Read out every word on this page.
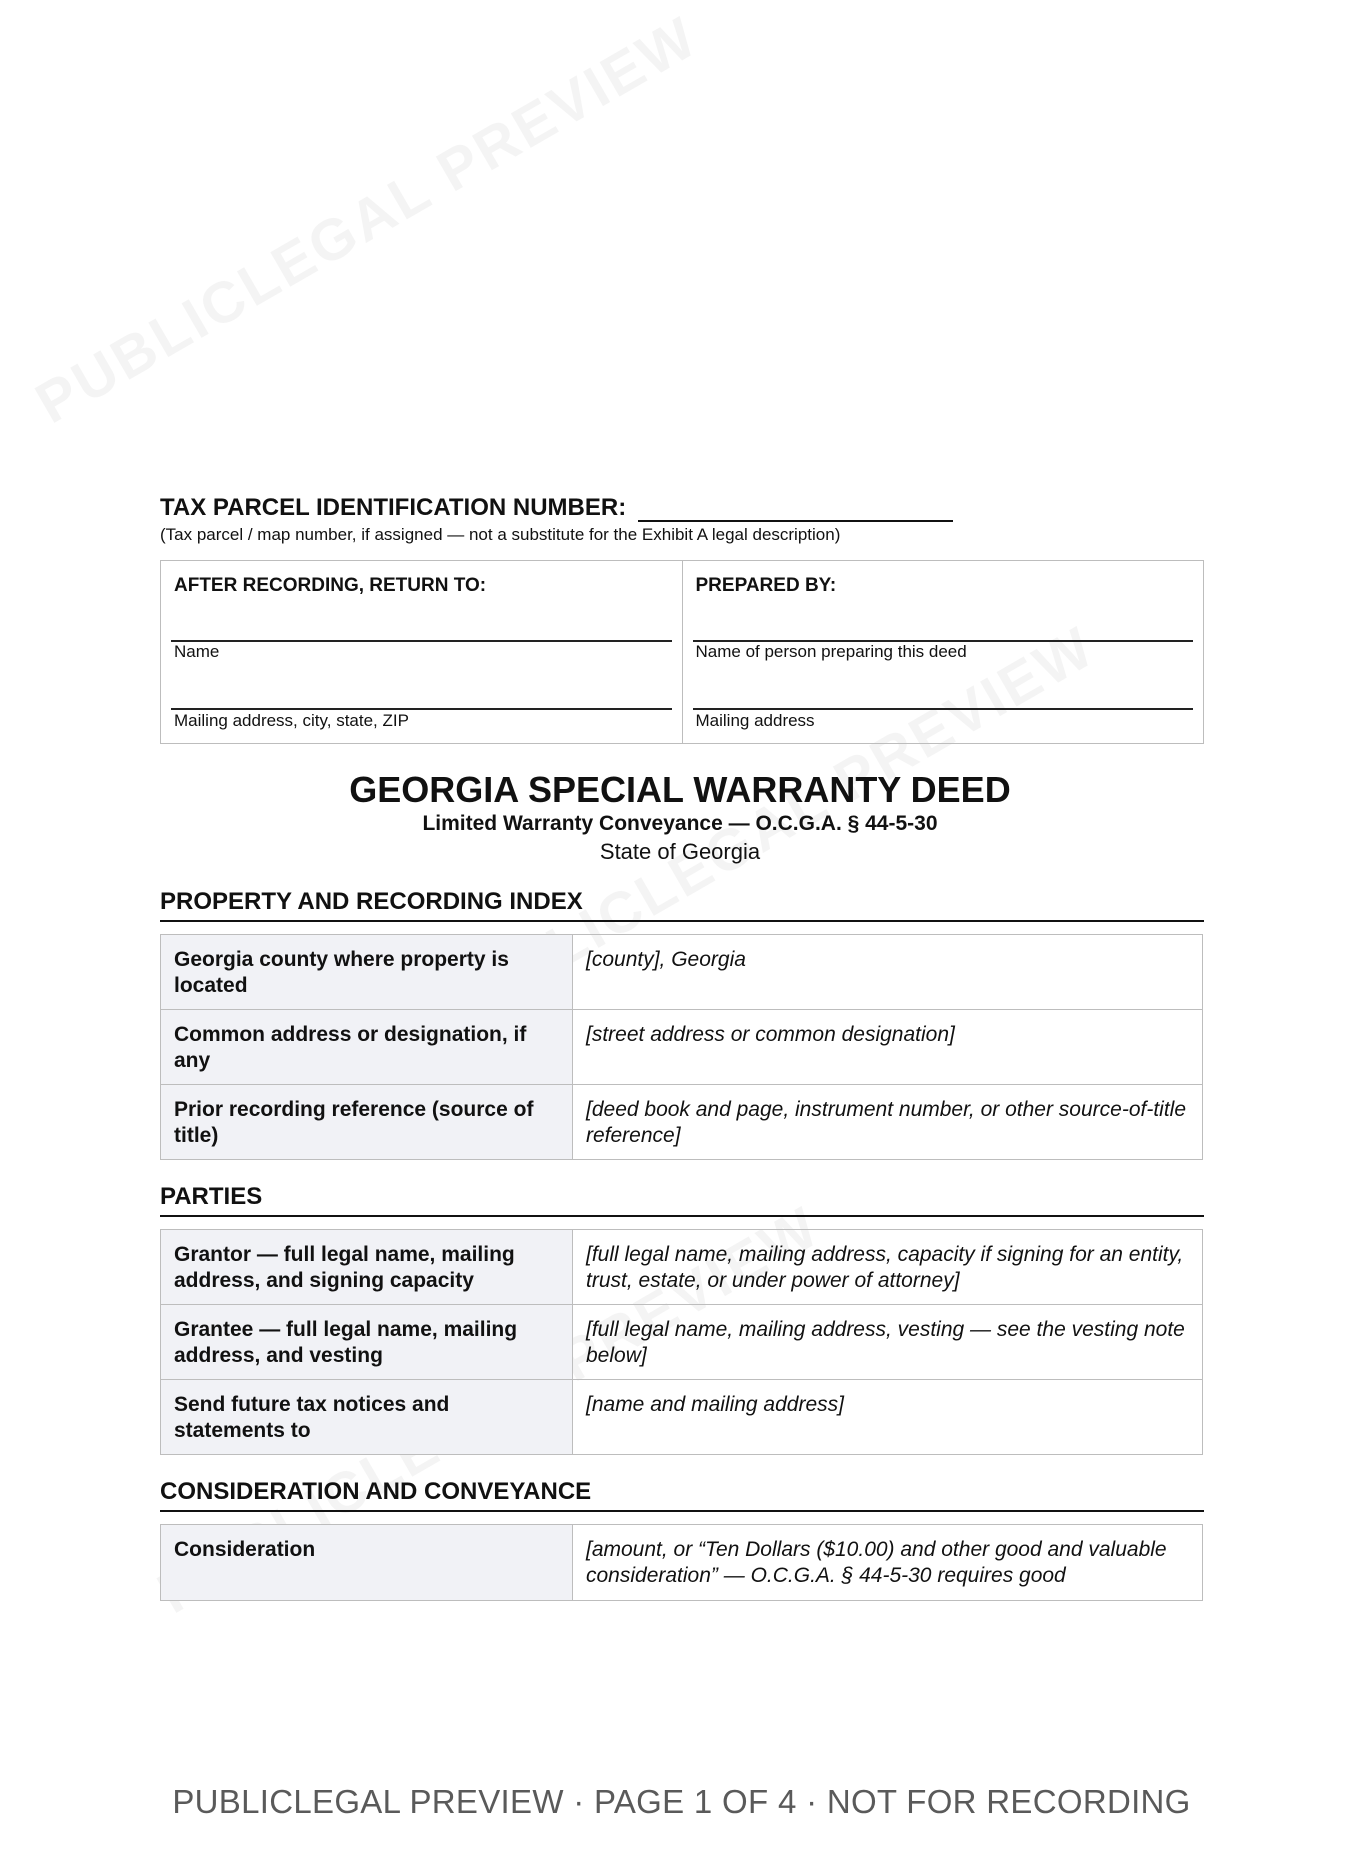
TAX PARCEL IDENTIFICATION NUMBER:
(Tax parcel / map number, if assigned — not a substitute for the Exhibit A legal description)
AFTER RECORDING, RETURN TO:
Name
Mailing address, city, state, ZIP
PREPARED BY:
Name of person preparing this deed
Mailing address
GEORGIA SPECIAL WARRANTY DEED
Limited Warranty Conveyance — O.C.G.A. § 44-5-30
State of Georgia
PROPERTY AND RECORDING INDEX
Georgia county where property is located	[county], Georgia
Common address or designation, if any	[street address or common designation]
Prior recording reference (source of title)	[deed book and page, instrument number, or other source-of-title reference]
PARTIES
Grantor — full legal name, mailing address, and signing capacity	[full legal name, mailing address, capacity if signing for an entity, trust, estate, or under power of attorney]
Grantee — full legal name, mailing address, and vesting	[full legal name, mailing address, vesting — see the vesting note below]
Send future tax notices and statements to	[name and mailing address]
CONSIDERATION AND CONVEYANCE
Consideration	[amount, or “Ten Dollars ($10.00) and other good and valuable consideration” — O.C.G.A. § 44-5-30 requires good
PUBLICLEGAL PREVIEW · PAGE 1 OF 4 · NOT FOR RECORDING
